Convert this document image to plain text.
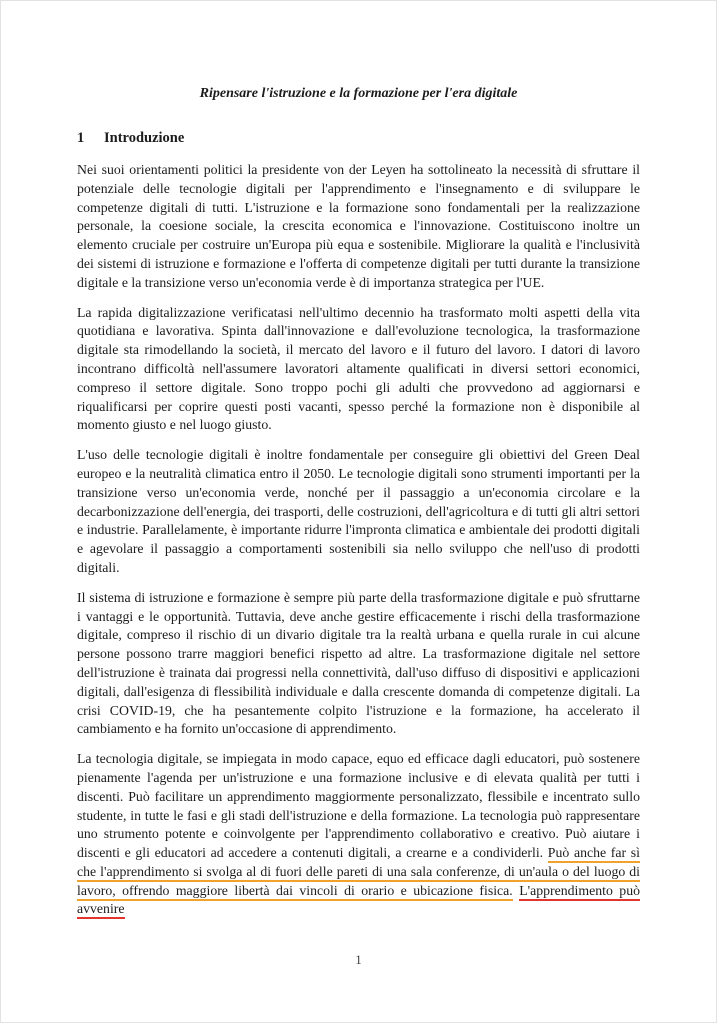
Ripensare l'istruzione e la formazione per l'era digitale
1 Introduzione
Nei suoi orientamenti politici la presidente von der Leyen ha sottolineato la necessità di sfruttare il potenziale delle tecnologie digitali per l'apprendimento e l'insegnamento e di sviluppare le competenze digitali di tutti. L'istruzione e la formazione sono fondamentali per la realizzazione personale, la coesione sociale, la crescita economica e l'innovazione. Costituiscono inoltre un elemento cruciale per costruire un'Europa più equa e sostenibile. Migliorare la qualità e l'inclusività dei sistemi di istruzione e formazione e l'offerta di competenze digitali per tutti durante la transizione digitale e la transizione verso un'economia verde è di importanza strategica per l'UE.
La rapida digitalizzazione verificatasi nell'ultimo decennio ha trasformato molti aspetti della vita quotidiana e lavorativa. Spinta dall'innovazione e dall'evoluzione tecnologica, la trasformazione digitale sta rimodellando la società, il mercato del lavoro e il futuro del lavoro. I datori di lavoro incontrano difficoltà nell'assumere lavoratori altamente qualificati in diversi settori economici, compreso il settore digitale. Sono troppo pochi gli adulti che provvedono ad aggiornarsi e riqualificarsi per coprire questi posti vacanti, spesso perché la formazione non è disponibile al momento giusto e nel luogo giusto.
L'uso delle tecnologie digitali è inoltre fondamentale per conseguire gli obiettivi del Green Deal europeo e la neutralità climatica entro il 2050. Le tecnologie digitali sono strumenti importanti per la transizione verso un'economia verde, nonché per il passaggio a un'economia circolare e la decarbonizzazione dell'energia, dei trasporti, delle costruzioni, dell'agricoltura e di tutti gli altri settori e industrie. Parallelamente, è importante ridurre l'impronta climatica e ambientale dei prodotti digitali e agevolare il passaggio a comportamenti sostenibili sia nello sviluppo che nell'uso di prodotti digitali.
Il sistema di istruzione e formazione è sempre più parte della trasformazione digitale e può sfruttarne i vantaggi e le opportunità. Tuttavia, deve anche gestire efficacemente i rischi della trasformazione digitale, compreso il rischio di un divario digitale tra la realtà urbana e quella rurale in cui alcune persone possono trarre maggiori benefici rispetto ad altre. La trasformazione digitale nel settore dell'istruzione è trainata dai progressi nella connettività, dall'uso diffuso di dispositivi e applicazioni digitali, dall'esigenza di flessibilità individuale e dalla crescente domanda di competenze digitali. La crisi COVID-19, che ha pesantemente colpito l'istruzione e la formazione, ha accelerato il cambiamento e ha fornito un'occasione di apprendimento.
La tecnologia digitale, se impiegata in modo capace, equo ed efficace dagli educatori, può sostenere pienamente l'agenda per un'istruzione e una formazione inclusive e di elevata qualità per tutti i discenti. Può facilitare un apprendimento maggiormente personalizzato, flessibile e incentrato sullo studente, in tutte le fasi e gli stadi dell'istruzione e della formazione. La tecnologia può rappresentare uno strumento potente e coinvolgente per l'apprendimento collaborativo e creativo. Può aiutare i discenti e gli educatori ad accedere a contenuti digitali, a crearne e a condividerli. Può anche far sì che l'apprendimento si svolga al di fuori delle pareti di una sala conferenze, di un'aula o del luogo di lavoro, offrendo maggiore libertà dai vincoli di orario e ubicazione fisica. L'apprendimento può avvenire
1
